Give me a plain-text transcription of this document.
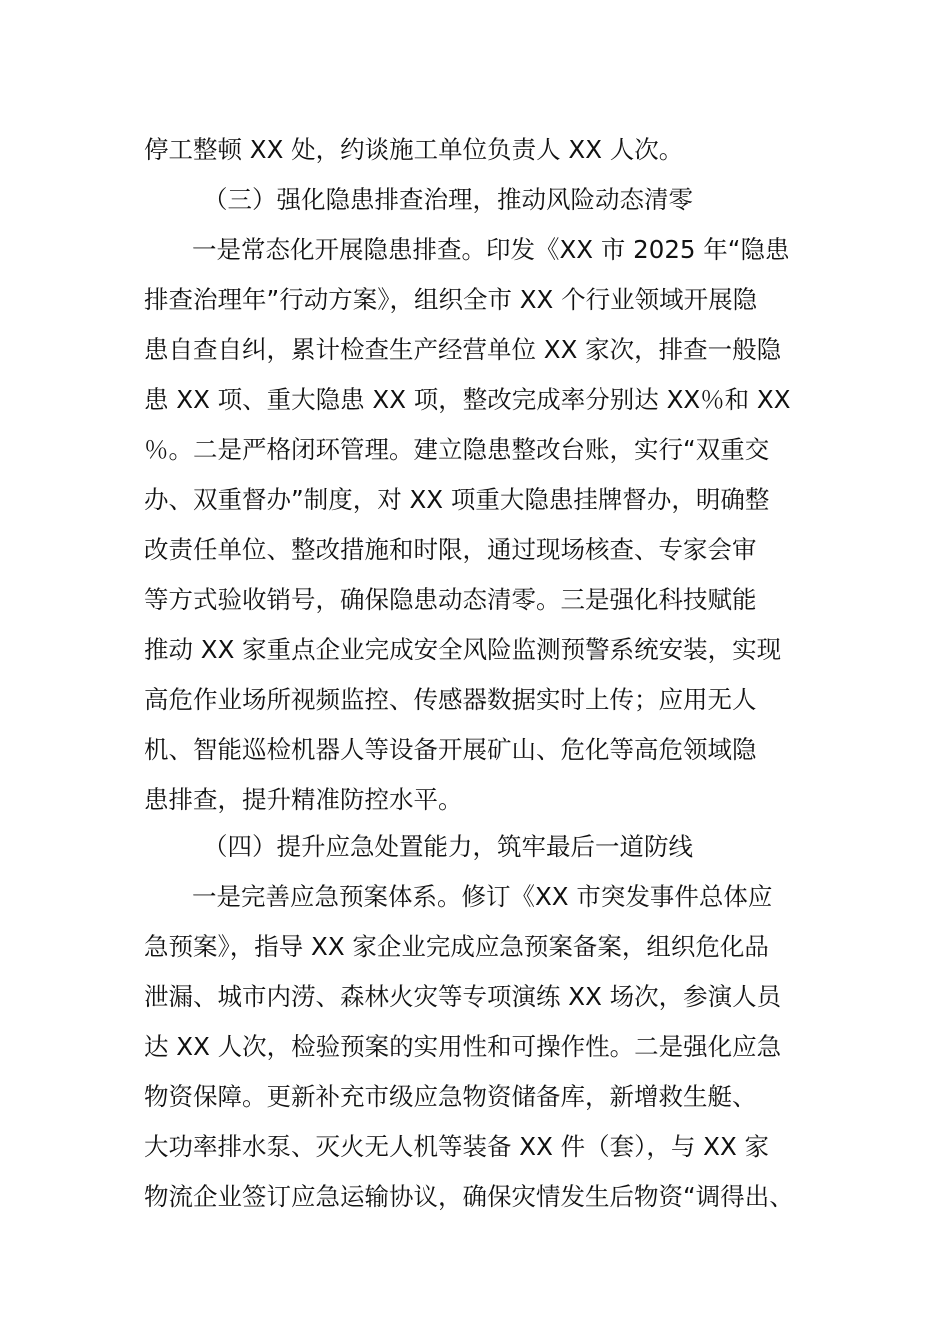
停工整顿 XX 处，约谈施工单位负责人 XX 人次。
（三）强化隐患排查治理，推动风险动态清零
一是常态化开展隐患排查。印发《XX 市 2025 年“隐患
排查治理年”行动方案》，组织全市 XX 个行业领域开展隐
患自查自纠，累计检查生产经营单位 XX 家次，排查一般隐
患 XX 项、重大隐患 XX 项，整改完成率分别达 XX％和 XX
％。二是严格闭环管理。建立隐患整改台账，实行“双重交
办、双重督办”制度，对 XX 项重大隐患挂牌督办，明确整
改责任单位、整改措施和时限，通过现场核查、专家会审
等方式验收销号，确保隐患动态清零。三是强化科技赋能
推动 XX 家重点企业完成安全风险监测预警系统安装，实现
高危作业场所视频监控、传感器数据实时上传；应用无人
机、智能巡检机器人等设备开展矿山、危化等高危领域隐
患排查，提升精准防控水平。
（四）提升应急处置能力，筑牢最后一道防线
一是完善应急预案体系。修订《XX 市突发事件总体应
急预案》，指导 XX 家企业完成应急预案备案，组织危化品
泄漏、城市内涝、森林火灾等专项演练 XX 场次，参演人员
达 XX 人次，检验预案的实用性和可操作性。二是强化应急
物资保障。更新补充市级应急物资储备库，新增救生艇、
大功率排水泵、灭火无人机等装备 XX 件（套），与 XX 家
物流企业签订应急运输协议，确保灾情发生后物资“调得出、
